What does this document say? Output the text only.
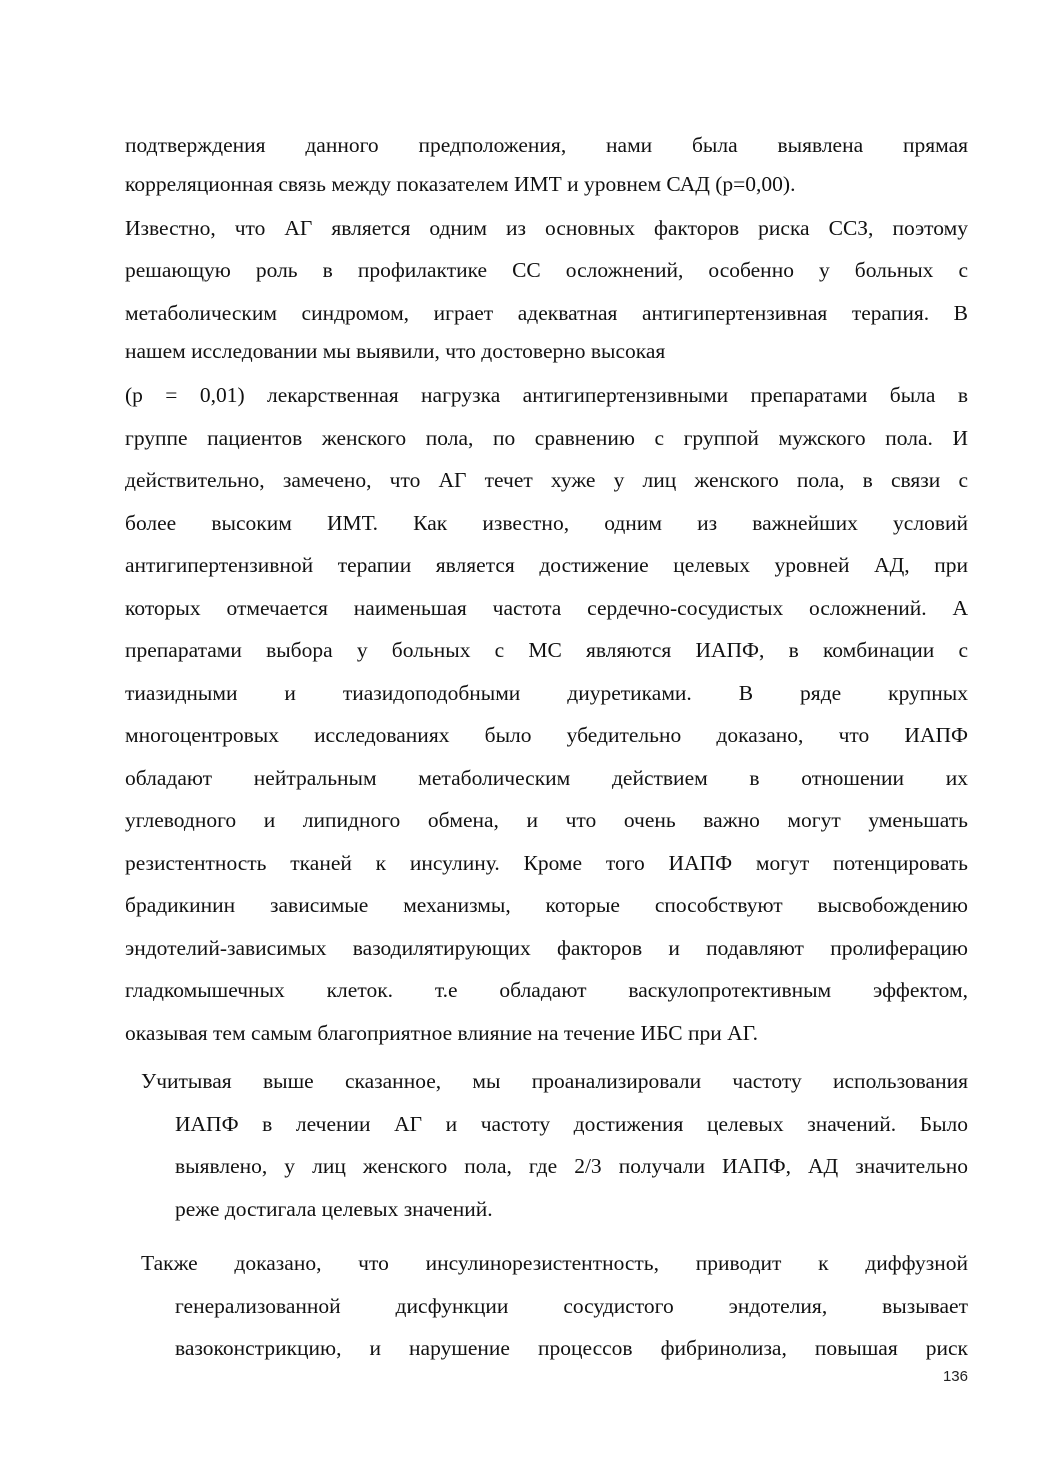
подтверждения данного предположения, нами была выявлена прямая
корреляционная связь между показателем ИМТ и уровнем САД (p=0,00).
Известно, что АГ является одним из основных факторов риска ССЗ, поэтому
решающую роль в профилактике СС осложнений, особенно у больных с
метаболическим синдромом, играет адекватная антигипертензивная терапия. В
нашем исследовании мы выявили, что достоверно высокая
(p = 0,01) лекарственная нагрузка антигипертензивными препаратами была в
группе пациентов женского пола, по сравнению с группой мужского пола. И
действительно, замечено, что АГ течет хуже у лиц женского пола, в связи с
более высоким ИМТ. Как известно, одним из важнейших условий
антигипертензивной терапии является достижение целевых уровней АД, при
которых отмечается наименьшая частота сердечно-сосудистых осложнений. А
препаратами выбора у больных с МС являются ИАПФ, в комбинации с
тиазидными и тиазидоподобными диуретиками. В ряде крупных
многоцентровых исследованиях было убедительно доказано, что ИАПФ
обладают нейтральным метаболическим действием в отношении их
углеводного и липидного обмена, и что очень важно могут уменьшать
резистентность тканей к инсулину. Кроме того ИАПФ могут потенцировать
брадикинин зависимые механизмы, которые способствуют высвобождению
эндотелий-зависимых вазодилятирующих факторов и подавляют пролиферацию
гладкомышечных клеток. т.е обладают васкулопротективным эффектом,
оказывая тем самым благоприятное влияние на течение ИБС при АГ.
Учитывая выше сказанное, мы проанализировали частоту использования
ИАПФ в лечении АГ и частоту достижения целевых значений. Было
выявлено, у лиц женского пола, где 2/3 получали ИАПФ, АД значительно
реже достигала целевых значений.
Также доказано, что инсулинорезистентность, приводит к диффузной
генерализованной дисфункции сосудистого эндотелия, вызывает
вазоконстрикцию, и нарушение процессов фибринолиза, повышая риск
136
